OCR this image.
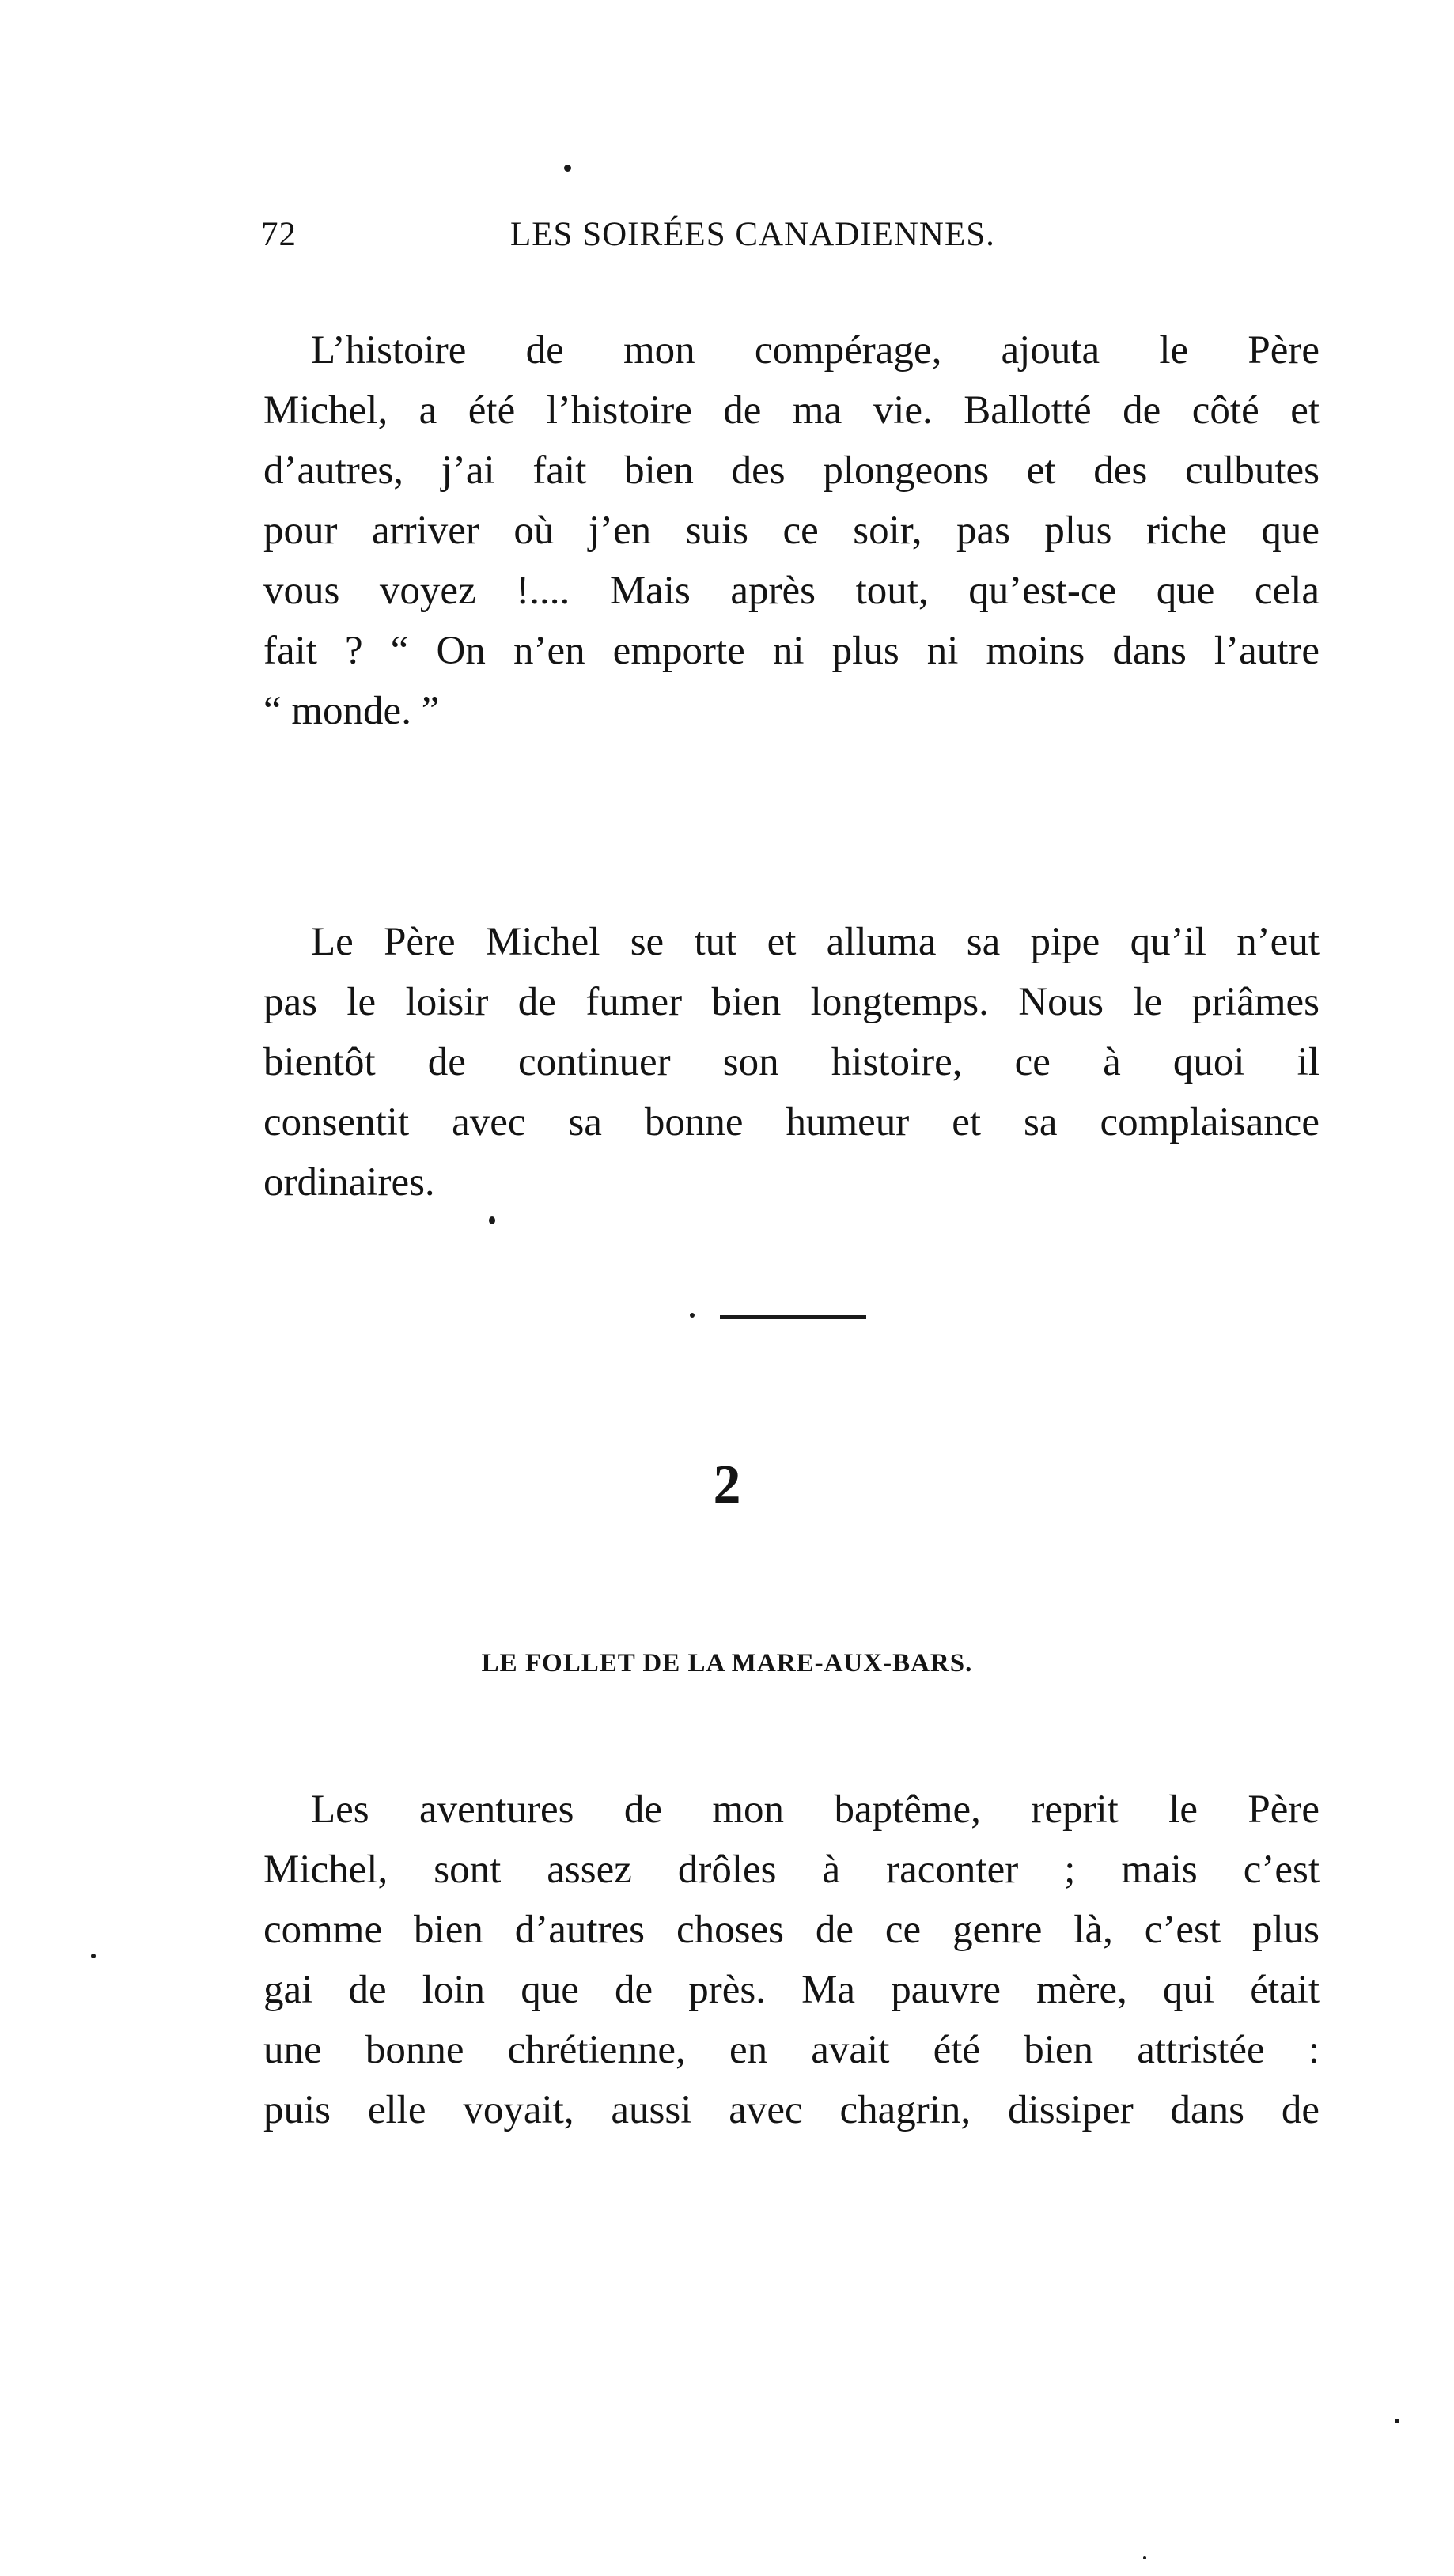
72	LES SOIRÉES CANADIENNES.
L’histoire de mon compérage, ajouta le Père
Michel, a été l’histoire de ma vie. Ballotté de côté et
d’autres, j’ai fait bien des plongeons et des culbutes
pour arriver où j’en suis ce soir, pas plus riche que
vous voyez !.... Mais après tout, qu’est-ce que cela
fait ? “ On n’en emporte ni plus ni moins dans l’autre
“ monde. ”
Le Père Michel se tut et alluma sa pipe qu’il n’eut
pas le loisir de fumer bien longtemps. Nous le priâmes
bientôt de continuer son histoire, ce à quoi il
consentit avec sa bonne humeur et sa complaisance
ordinaires.
2
LE FOLLET DE LA MARE-AUX-BARS.
Les aventures de mon baptême, reprit le Père
Michel, sont assez drôles à raconter ; mais c’est
comme bien d’autres choses de ce genre là, c’est plus
gai de loin que de près. Ma pauvre mère, qui était
une bonne chrétienne, en avait été bien attristée :
puis elle voyait, aussi avec chagrin, dissiper dans de
